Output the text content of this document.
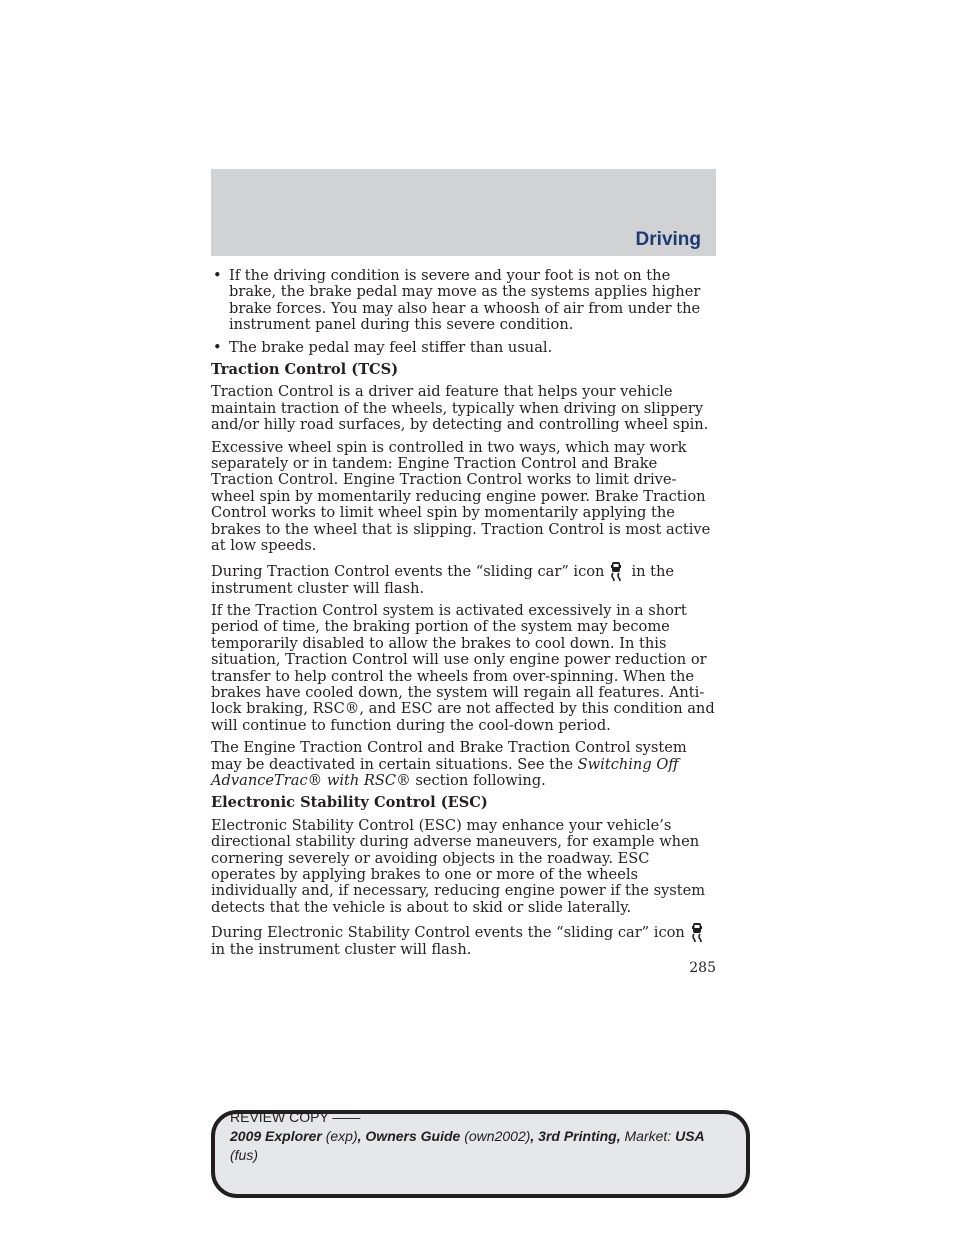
Driving
• If the driving condition is severe and your foot is not on the brake, the brake pedal may move as the systems applies higher brake forces. You may also hear a whoosh of air from under the instrument panel during this severe condition.
• The brake pedal may feel stiffer than usual.
Traction Control (TCS)

Traction Control is a driver aid feature that helps your vehicle maintain traction of the wheels, typically when driving on slippery and/or hilly road surfaces, by detecting and controlling wheel spin.

Excessive wheel spin is controlled in two ways, which may work separately or in tandem: Engine Traction Control and Brake Traction Control. Engine Traction Control works to limit drive-wheel spin by momentarily reducing engine power. Brake Traction Control works to limit wheel spin by momentarily applying the brakes to the wheel that is slipping. Traction Control is most active at low speeds.

During Traction Control events the “sliding car” icon in the instrument cluster will flash.

If the Traction Control system is activated excessively in a short period of time, the braking portion of the system may become temporarily disabled to allow the brakes to cool down. In this situation, Traction Control will use only engine power reduction or transfer to help control the wheels from over-spinning. When the brakes have cooled down, the system will regain all features. Anti-lock braking, RSC®, and ESC are not affected by this condition and will continue to function during the cool-down period.

The Engine Traction Control and Brake Traction Control system may be deactivated in certain situations. See the Switching Off AdvanceTrac® with RSC® section following.

Electronic Stability Control (ESC)

Electronic Stability Control (ESC) may enhance your vehicle’s directional stability during adverse maneuvers, for example when cornering severely or avoiding objects in the roadway. ESC operates by applying brakes to one or more of the wheels individually and, if necessary, reducing engine power if the system detects that the vehicle is about to skid or slide laterally.

During Electronic Stability Control events the “sliding car” icon
in the instrument cluster will flash.

285
REVIEW COPY ——
2009 Explorer (exp), Owners Guide (own2002), 3rd Printing, Market: USA
(fus)
